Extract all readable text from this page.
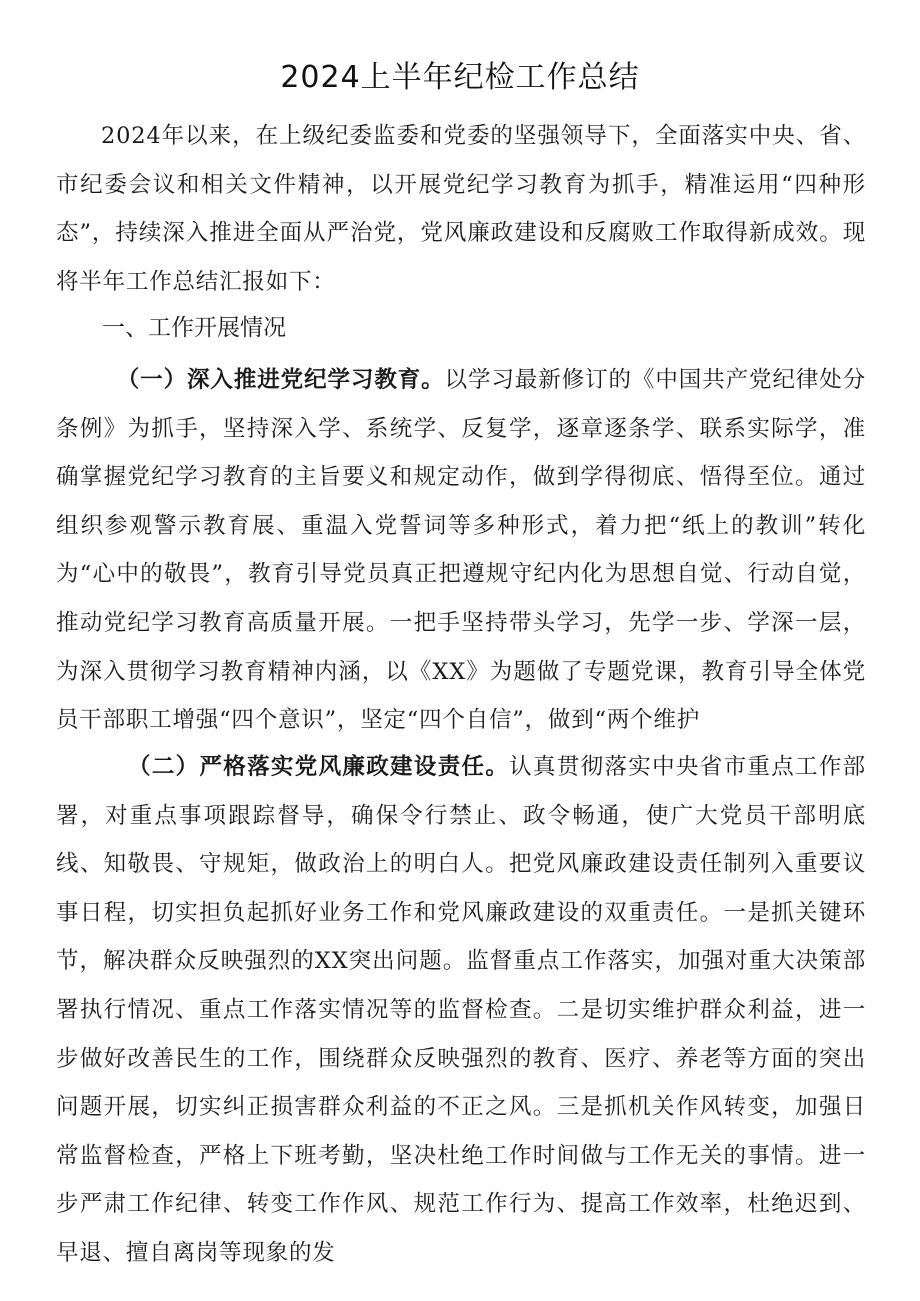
2024上半年纪检工作总结

2024年以来，在上级纪委监委和党委的坚强领导下，全面落实中央、省、市纪委会议和相关文件精神，以开展党纪学习教育为抓手，精准运用“四种形态”，持续深入推进全面从严治党，党风廉政建设和反腐败工作取得新成效。现将半年工作总结汇报如下：

一、工作开展情况

（一）深入推进党纪学习教育。以学习最新修订的《中国共产党纪律处分条例》为抓手，坚持深入学、系统学、反复学，逐章逐条学、联系实际学，准确掌握党纪学习教育的主旨要义和规定动作，做到学得彻底、悟得至位。通过组织参观警示教育展、重温入党誓词等多种形式，着力把“纸上的教训”转化为“心中的敬畏”，教育引导党员真正把遵规守纪内化为思想自觉、行动自觉，推动党纪学习教育高质量开展。一把手坚持带头学习，先学一步、学深一层，为深入贯彻学习教育精神内涵，以《XX》为题做了专题党课，教育引导全体党员干部职工增强“四个意识”，坚定“四个自信”，做到“两个维护

（二）严格落实党风廉政建设责任。认真贯彻落实中央省市重点工作部署，对重点事项跟踪督导，确保令行禁止、政令畅通，使广大党员干部明底线、知敬畏、守规矩，做政治上的明白人。把党风廉政建设责任制列入重要议事日程，切实担负起抓好业务工作和党风廉政建设的双重责任。一是抓关键环节，解决群众反映强烈的XX突出问题。监督重点工作落实，加强对重大决策部署执行情况、重点工作落实情况等的监督检查。二是切实维护群众利益，进一步做好改善民生的工作，围绕群众反映强烈的教育、医疗、养老等方面的突出问题开展，切实纠正损害群众利益的不正之风。三是抓机关作风转变，加强日常监督检查，严格上下班考勤，坚决杜绝工作时间做与工作无关的事情。进一步严肃工作纪律、转变工作作风、规范工作行为、提高工作效率，杜绝迟到、早退、擅自离岗等现象的发
